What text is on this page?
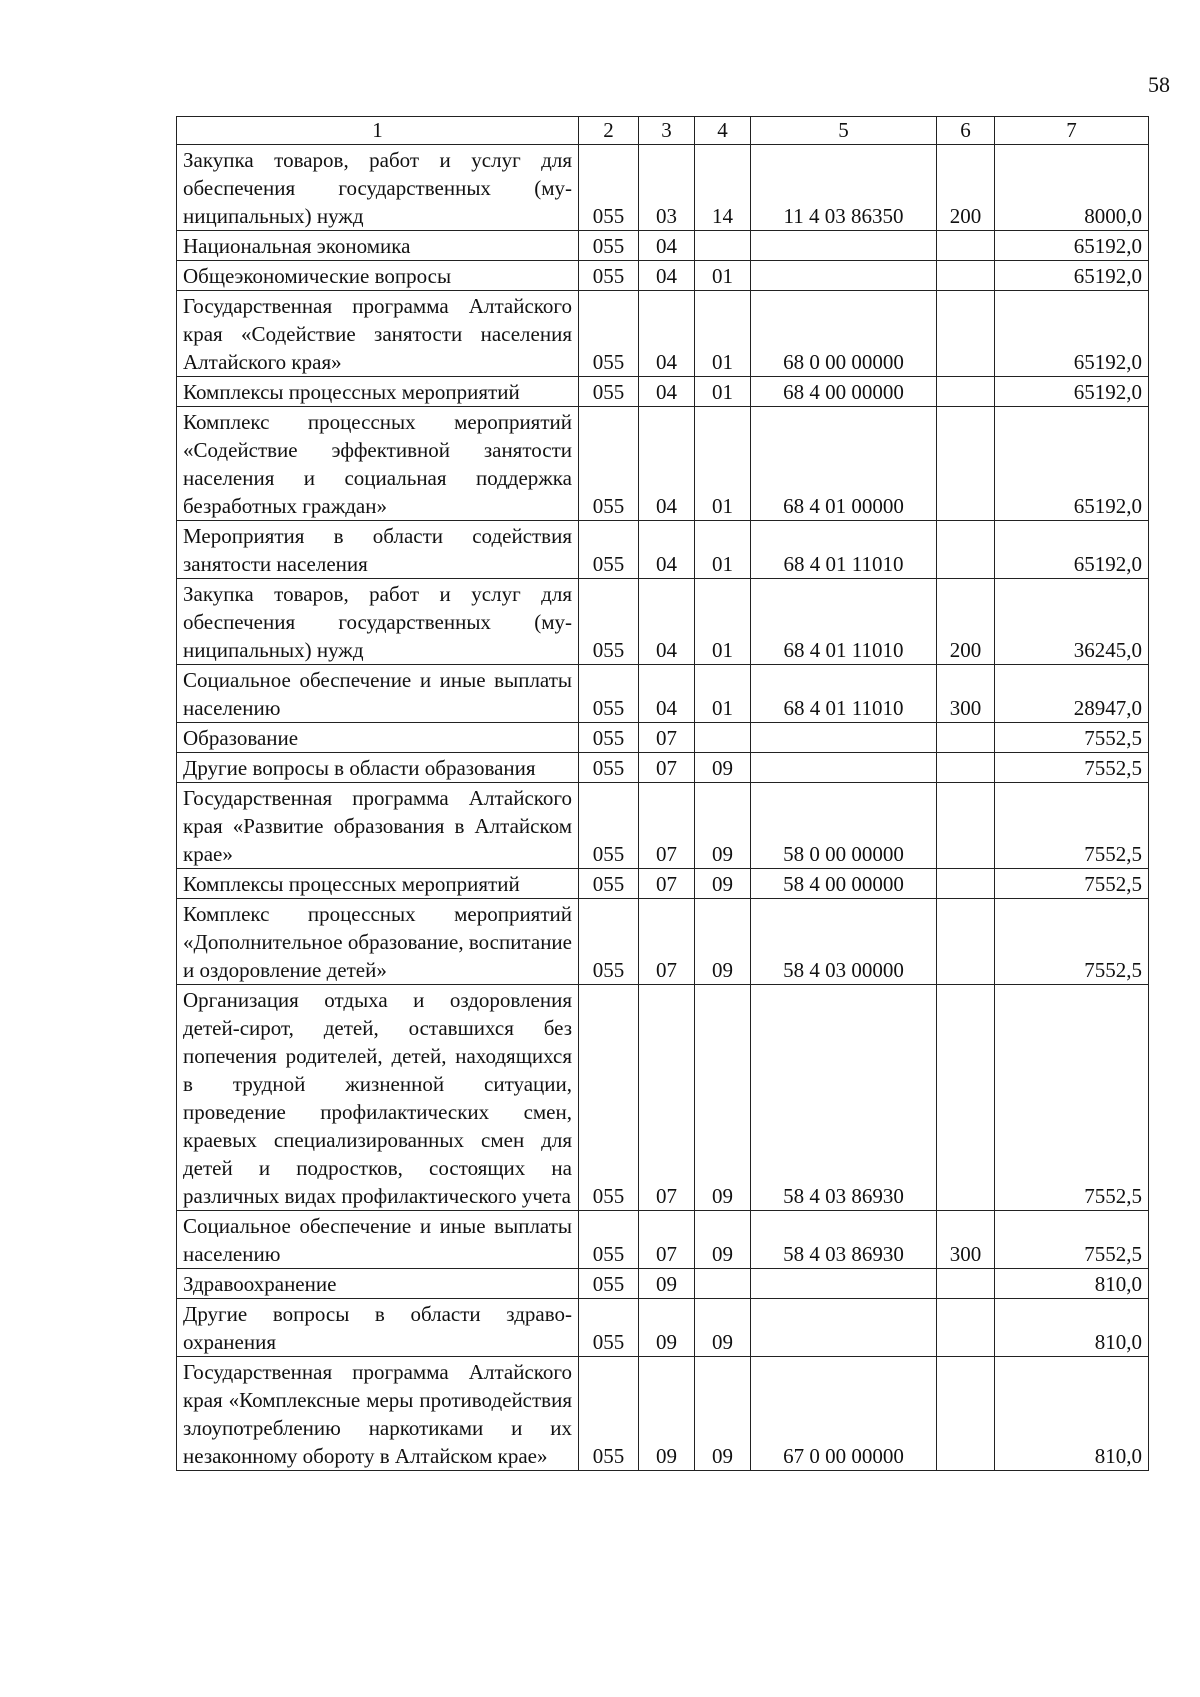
58
1	2	3	4	5	6	7
Закупка товаров, работ и услуг для обеспечения государственных (муниципальных) нужд	055	03	14	11 4 03 86350	200	8000,0
Национальная экономика	055	04				65192,0
Общеэкономические вопросы	055	04	01			65192,0
Государственная программа Алтайского края «Содействие занятости населения Алтайского края»	055	04	01	68 0 00 00000		65192,0
Комплексы процессных мероприятий	055	04	01	68 4 00 00000		65192,0
Комплекс процессных мероприятий «Содействие эффективной занятости населения и социальная поддержка безработных граждан»	055	04	01	68 4 01 00000		65192,0
Мероприятия в области содействия занятости населения	055	04	01	68 4 01 11010		65192,0
Закупка товаров, работ и услуг для обеспечения государственных (муниципальных) нужд	055	04	01	68 4 01 11010	200	36245,0
Социальное обеспечение и иные выплаты населению	055	04	01	68 4 01 11010	300	28947,0
Образование	055	07				7552,5
Другие вопросы в области образования	055	07	09			7552,5
Государственная программа Алтайского края «Развитие образования в Алтайском крае»	055	07	09	58 0 00 00000		7552,5
Комплексы процессных мероприятий	055	07	09	58 4 00 00000		7552,5
Комплекс процессных мероприятий «Дополнительное образование, воспитание и оздоровление детей»	055	07	09	58 4 03 00000		7552,5
Организация отдыха и оздоровления детей-сирот, детей, оставшихся без попечения родителей, детей, находящихся в трудной жизненной ситуации, проведение профилактических смен, краевых специализированных смен для детей и подростков, состоящих на различных видах профилактического учета	055	07	09	58 4 03 86930		7552,5
Социальное обеспечение и иные выплаты населению	055	07	09	58 4 03 86930	300	7552,5
Здравоохранение	055	09				810,0
Другие вопросы в области здравоохранения	055	09	09			810,0
Государственная программа Алтайского края «Комплексные меры противодействия злоупотреблению наркотиками и их незаконному обороту в Алтайском крае»	055	09	09	67 0 00 00000		810,0
